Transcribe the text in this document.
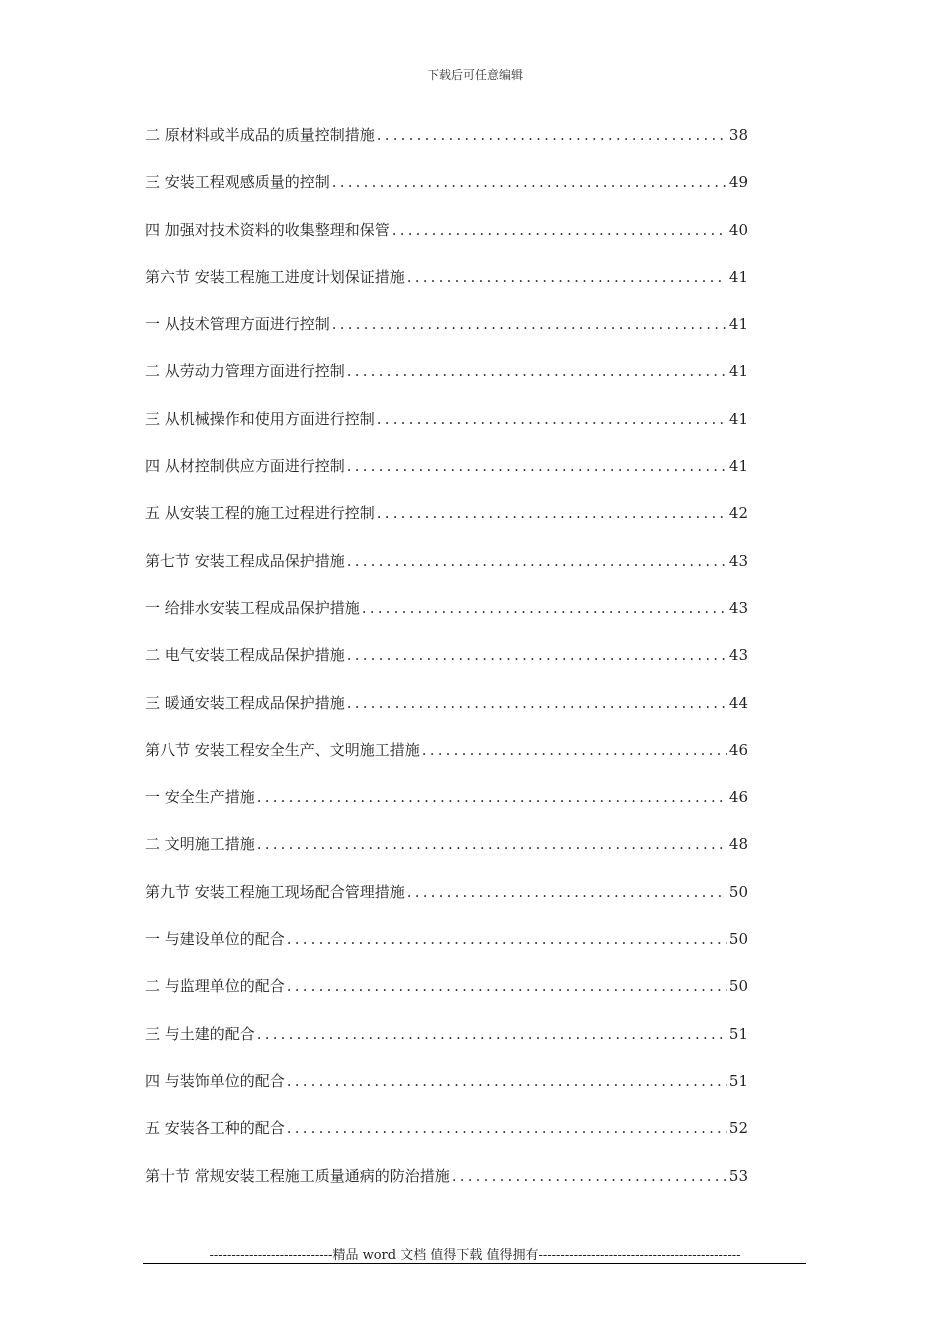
下载后可任意编辑
二 原材料或半成品的质量控制措施 .....	38
三 安装工程观感质量的控制 .....	49
四 加强对技术资料的收集整理和保管 .....	40
第六节 安装工程施工进度计划保证措施 .....	41
一 从技术管理方面进行控制 .....	41
二 从劳动力管理方面进行控制 .....	41
三 从机械操作和使用方面进行控制 .....	41
四 从材控制供应方面进行控制 .....	41
五 从安装工程的施工过程进行控制 .....	42
第七节 安装工程成品保护措施 .....	43
一 给排水安装工程成品保护措施 .....	43
二 电气安装工程成品保护措施 .....	43
三 暖通安装工程成品保护措施 .....	44
第八节 安装工程安全生产、文明施工措施 .....	46
一 安全生产措施 .....	46
二 文明施工措施 .....	48
第九节 安装工程施工现场配合管理措施 .....	50
一 与建设单位的配合 .....	50
二 与监理单位的配合 .....	50
三 与土建的配合 .....	51
四 与装饰单位的配合 .....	51
五 安装各工种的配合 .....	52
第十节 常规安装工程施工质量通病的防治措施 .....	53
----------------------------精品 word 文档 值得下载 值得拥有----------------------------------------------
